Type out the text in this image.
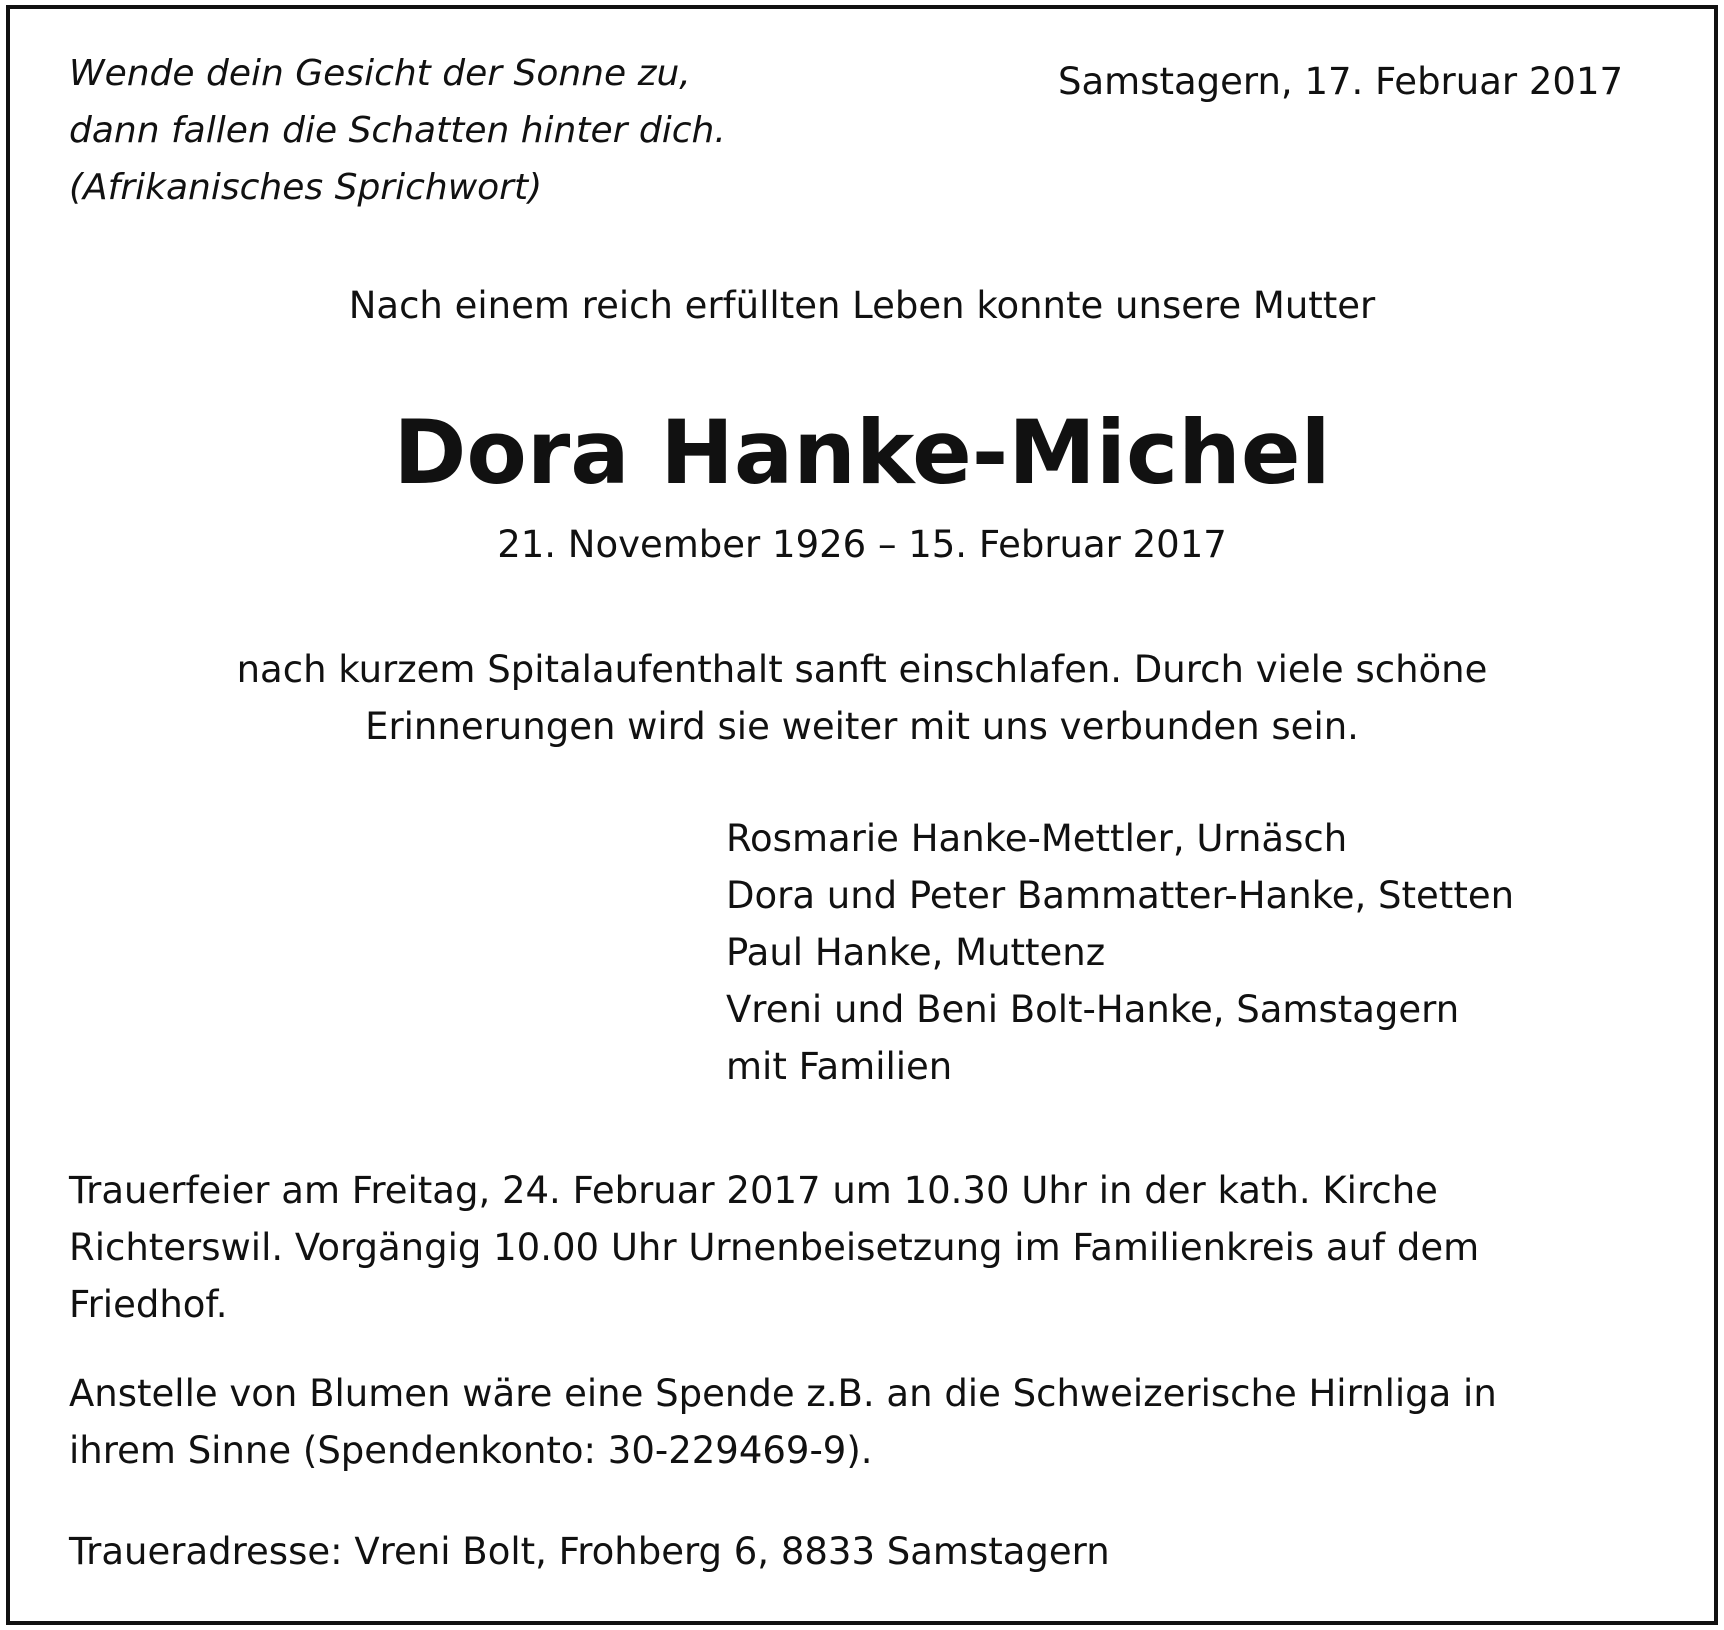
Wende dein Gesicht der Sonne zu,
dann fallen die Schatten hinter dich.
(Afrikanisches Sprichwort)

Samstagern, 17. Februar 2017

Nach einem reich erfüllten Leben konnte unsere Mutter

Dora Hanke-Michel

21. November 1926 – 15. Februar 2017

nach kurzem Spitalaufenthalt sanft einschlafen. Durch viele schöne
Erinnerungen wird sie weiter mit uns verbunden sein.
Rosmarie Hanke-Mettler, Urnäsch
Dora und Peter Bammatter-Hanke, Stetten
Paul Hanke, Muttenz
Vreni und Beni Bolt-Hanke, Samstagern
mit Familien
Trauerfeier am Freitag, 24. Februar 2017 um 10.30 Uhr in der kath. Kirche
Richterswil. Vorgängig 10.00 Uhr Urnenbeisetzung im Familienkreis auf dem
Friedhof.
Anstelle von Blumen wäre eine Spende z.B. an die Schweizerische Hirnliga in
ihrem Sinne (Spendenkonto: 30-229469-9).

Traueradresse: Vreni Bolt, Frohberg 6, 8833 Samstagern
